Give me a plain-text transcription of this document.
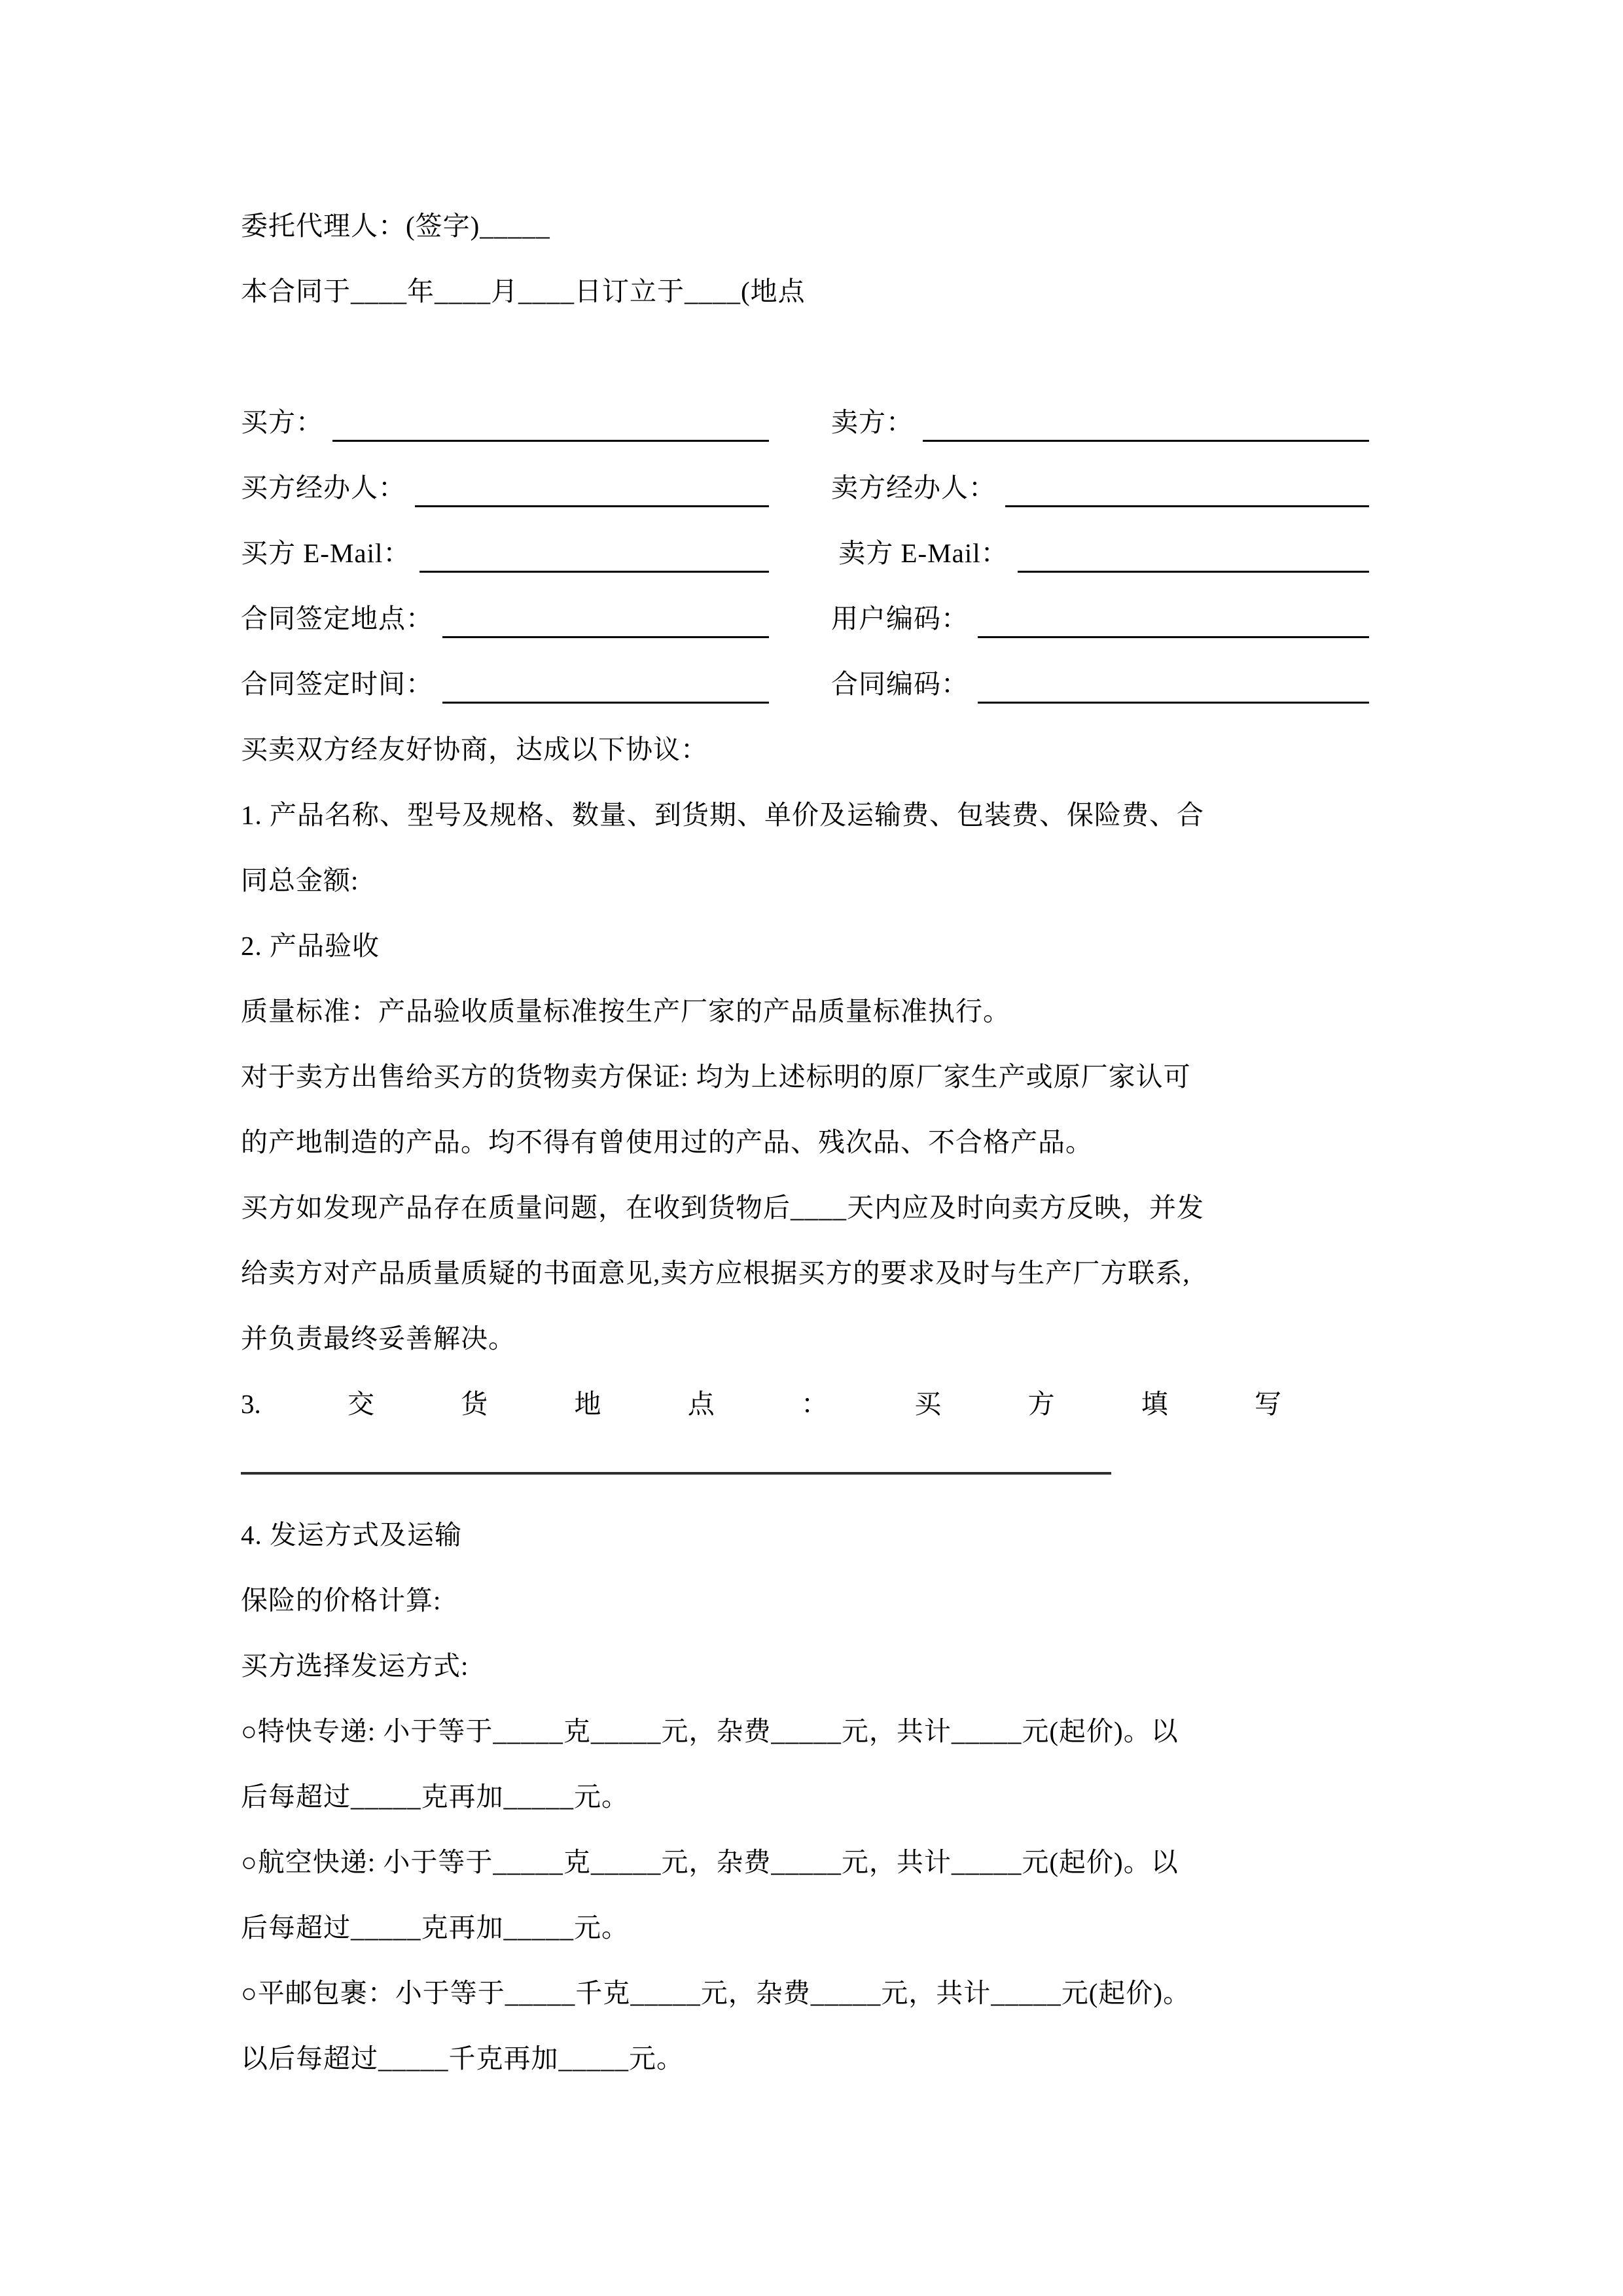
委托代理人：(签字)_____
本合同于____年____月____日订立于____(地点
买方：	卖方：
买方经办人：	卖方经办人：
买方 E-Mail：	卖方 E-Mail：
合同签定地点：	用户编码：
合同签定时间：	合同编码：
买卖双方经友好协商，达成以下协议：
1. 产品名称、型号及规格、数量、到货期、单价及运输费、包装费、保险费、合
同总金额:
2. 产品验收
质量标准：产品验收质量标准按生产厂家的产品质量标准执行。
对于卖方出售给买方的货物卖方保证: 均为上述标明的原厂家生产或原厂家认可
的产地制造的产品。均不得有曾使用过的产品、残次品、不合格产品。
买方如发现产品存在质量问题，在收到货物后____天内应及时向卖方反映，并发
给卖方对产品质量质疑的书面意见,卖方应根据买方的要求及时与生产厂方联系,
并负责最终妥善解决。
3.	交	货	地	点	：	买	方	填	写
4. 发运方式及运输
保险的价格计算:
买方选择发运方式:
○特快专递: 小于等于_____克_____元，杂费_____元，共计_____元(起价)。以
后每超过_____克再加_____元。
○航空快递: 小于等于_____克_____元，杂费_____元，共计_____元(起价)。以
后每超过_____克再加_____元。
○平邮包裹：小于等于_____千克_____元，杂费_____元，共计_____元(起价)。
以后每超过_____千克再加_____元。
